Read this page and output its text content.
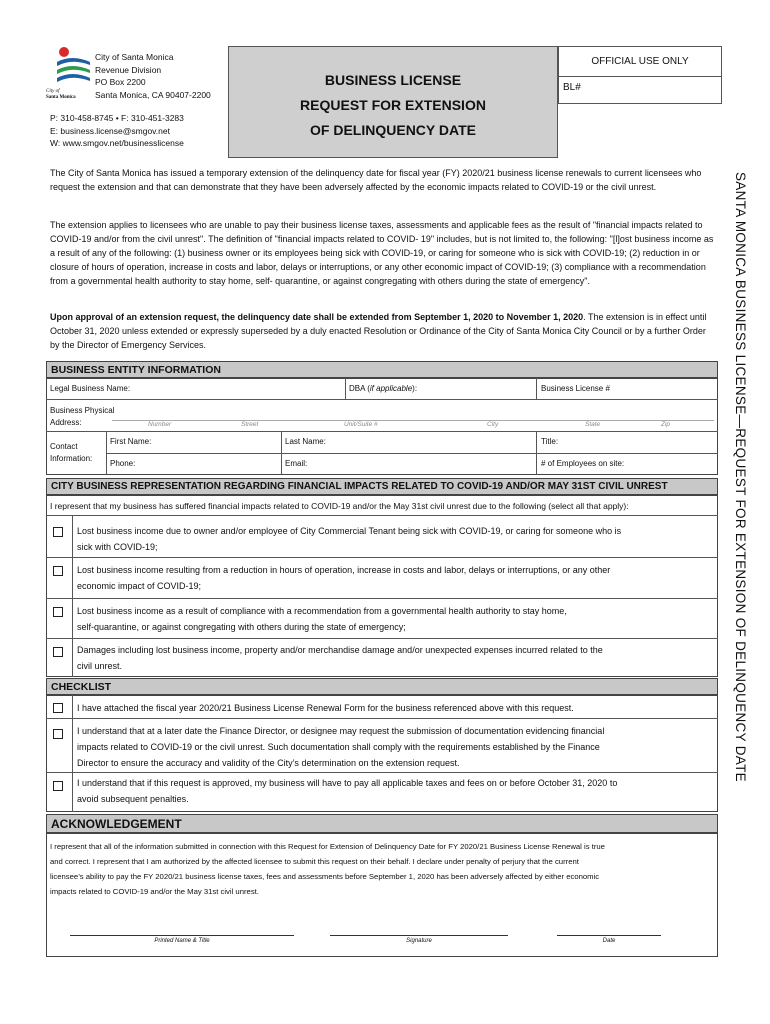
City of
Santa Monica
City of Santa Monica
Revenue Division
PO Box 2200
Santa Monica, CA 90407-2200
P: 310-458-8745 • F: 310-451-3283
E: business.license@smgov.net
W: www.smgov.net/businesslicense
BUSINESS LICENSE
REQUEST FOR EXTENSION
OF DELINQUENCY DATE
OFFICIAL USE ONLY
BL#
SANTA MONICA BUSINESS LICENSE—REQUEST FOR EXTENSION OF DELINQUENCY DATE
The City of Santa Monica has issued a temporary extension of the delinquency date for fiscal year (FY) 2020/21 business license renewals to current licensees who request the extension and that can demonstrate that they have been adversely affected by the economic impacts related to COVID-19 or the civil unrest.
The extension applies to licensees who are unable to pay their business license taxes, assessments and applicable fees as the result of "financial impacts related to COVID-19 and/or from the civil unrest". The definition of "financial impacts related to COVID- 19" includes, but is not limited to, the following: "[l]ost business income as a result of any of the following: (1) business owner or its employees being sick with COVID-19, or caring for someone who is sick with COVID-19; (2) reduction in or closure of hours of operation, increase in costs and labor, delays or interruptions, or any other economic impact of COVID-19; (3) compliance with a recommendation from a governmental health authority to stay home, self- quarantine, or against congregating with others during the state of emergency".
Upon approval of an extension request, the delinquency date shall be extended from September 1, 2020 to November 1, 2020. The extension is in effect until October 31, 2020 unless extended or expressly superseded by a duly enacted Resolution or Ordinance of the City of Santa Monica City Council or by a further Order by the Director of Emergency Services.
BUSINESS ENTITY INFORMATION
Legal Business Name:	DBA (if applicable):	Business License #
Business Physical
Address:	Number	Street	Unit/Suite #	City	State	Zip
Contact
Information:
First Name:	Last Name:	Title:
Phone:	Email:	# of Employees on site:
CITY BUSINESS REPRESENTATION REGARDING FINANCIAL IMPACTS RELATED TO COVID-19 AND/OR MAY 31ST CIVIL UNREST
I represent that my business has suffered financial impacts related to COVID-19 and/or the May 31st civil unrest due to the following (select all that apply):
Lost business income due to owner and/or employee of City Commercial Tenant being sick with COVID-19, or caring for someone who is
sick with COVID-19;
Lost business income resulting from a reduction in hours of operation, increase in costs and labor, delays or interruptions, or any other
economic impact of COVID-19;
Lost business income as a result of compliance with a recommendation from a governmental health authority to stay home,
self-quarantine, or against congregating with others during the state of emergency;
Damages including lost business income, property and/or merchandise damage and/or unexpected expenses incurred related to the
civil unrest.
CHECKLIST
I have attached the fiscal year 2020/21 Business License Renewal Form for the business referenced above with this request.
I understand that at a later date the Finance Director, or designee may request the submission of documentation evidencing financial
impacts related to COVID-19 or the civil unrest. Such documentation shall comply with the requirements established by the Finance
Director to ensure the accuracy and validity of the City’s determination on the extension request.
I understand that if this request is approved, my business will have to pay all applicable taxes and fees on or before October 31, 2020 to
avoid subsequent penalties.
ACKNOWLEDGEMENT
I represent that all of the information submitted in connection with this Request for Extension of Delinquency Date for FY 2020/21 Business License Renewal is true
and correct. I represent that I am authorized by the affected licensee to submit this request on their behalf. I declare under penalty of perjury that the current
licensee’s ability to pay the FY 2020/21 business license taxes, fees and assessments before September 1, 2020 has been adversely affected by either economic
impacts related to COVID-19 and/or the May 31st civil unrest.
Printed Name & Title	Signature	Date
